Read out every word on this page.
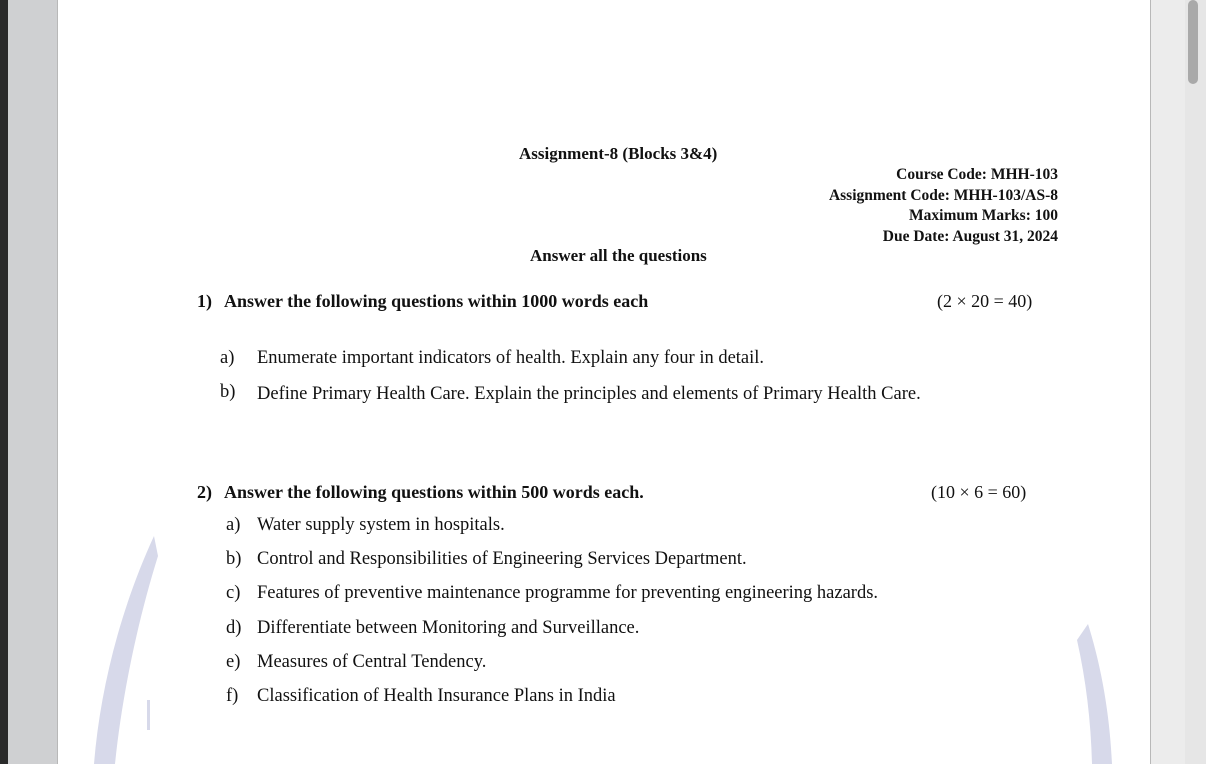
Assignment-8 (Blocks 3&4)
Course Code: MHH-103
Assignment Code: MHH-103/AS-8
Maximum Marks: 100
Due Date: August 31, 2024
Answer all the questions
1) Answer the following questions within 1000 words each	(2 × 20 = 40)
a) Enumerate important indicators of health. Explain any four in detail.
b) Define Primary Health Care. Explain the principles and elements of Primary Health Care.
2) Answer the following questions within 500 words each.	(10 × 6 = 60)
a) Water supply system in hospitals.
b) Control and Responsibilities of Engineering Services Department.
c) Features of preventive maintenance programme for preventing engineering hazards.
d) Differentiate between Monitoring and Surveillance.
e) Measures of Central Tendency.
f) Classification of Health Insurance Plans in India
